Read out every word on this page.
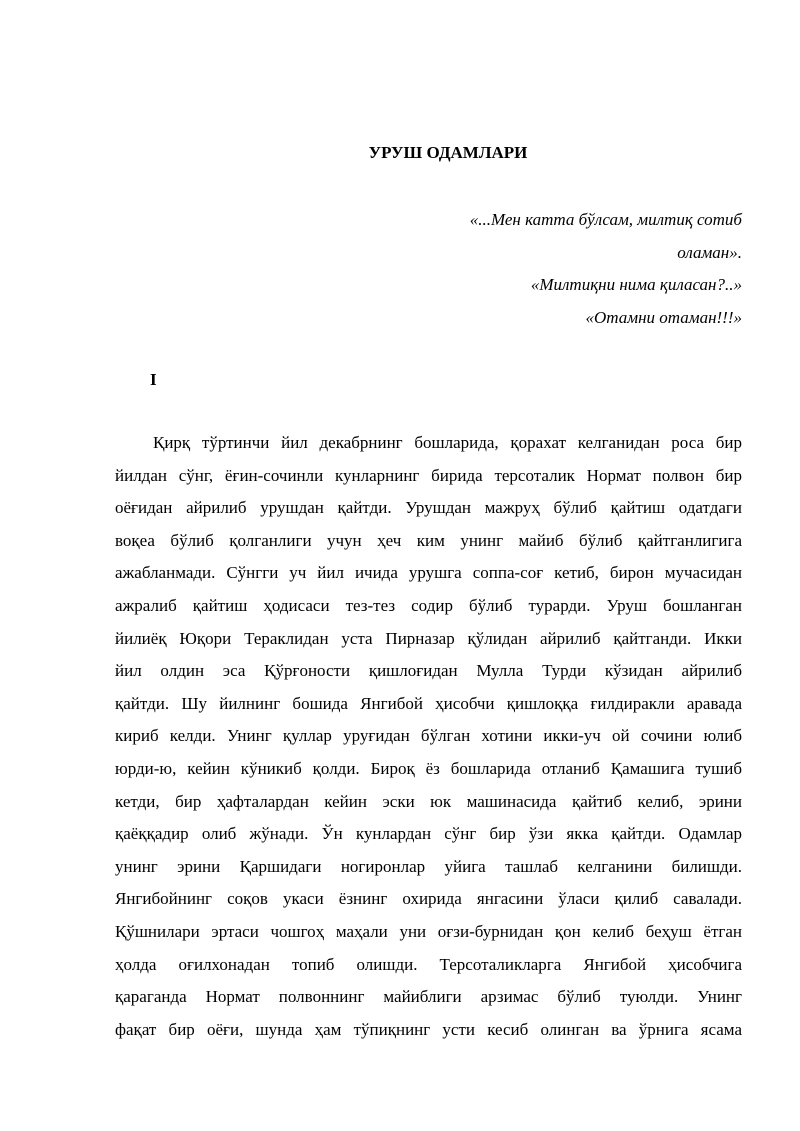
УРУШ ОДАМЛАРИ
«...Мен катта бўлсам, милтиқ сотиб
оламан».
«Милтиқни нима қиласан?..»
«Отамни отаман!!!»
I
Қирқ тўртинчи йил декабрнинг бошларида, қорахат келганидан роса бир
йилдан сўнг, ёғин-сочинли кунларнинг бирида терсоталик Нормат полвон бир
оёғидан айрилиб урушдан қайтди. Урушдан мажруҳ бўлиб қайтиш одатдаги
воқеа бўлиб қолганлиги учун ҳеч ким унинг майиб бўлиб қайтганлигига
ажабланмади. Сўнгги уч йил ичида урушга соппа-соғ кетиб, бирон мучасидан
ажралиб қайтиш ҳодисаси тез-тез содир бўлиб турарди. Уруш бошланган
йилиёқ Юқори Тераклидан уста Пирназар қўлидан айрилиб қайтганди. Икки
йил олдин эса Қўрғоности қишлоғидан Мулла Турди кўзидан айрилиб
қайтди. Шу йилнинг бошида Янгибой ҳисобчи қишлоққа ғилдиракли аравада
кириб келди. Унинг қуллар уруғидан бўлган хотини икки-уч ой сочини юлиб
юрди-ю, кейин кўникиб қолди. Бироқ ёз бошларида отланиб Қамашига тушиб
кетди, бир ҳафталардан кейин эски юк машинасида қайтиб келиб, эрини
қаёққадир олиб жўнади. Ўн кунлардан сўнг бир ўзи якка қайтди. Одамлар
унинг эрини Қаршидаги ногиронлар уйига ташлаб келганини билишди.
Янгибойнинг соқов укаси ёзнинг охирида янгасини ўласи қилиб савалади.
Қўшнилари эртаси чошгоҳ маҳали уни оғзи-бурнидан қон келиб беҳуш ётган
ҳолда оғилхонадан топиб олишди. Терсоталикларга Янгибой ҳисобчига
қараганда Нормат полвоннинг майиблиги арзимас бўлиб туюлди. Унинг
фақат бир оёғи, шунда ҳам тўпиқнинг усти кесиб олинган ва ўрнига ясама
